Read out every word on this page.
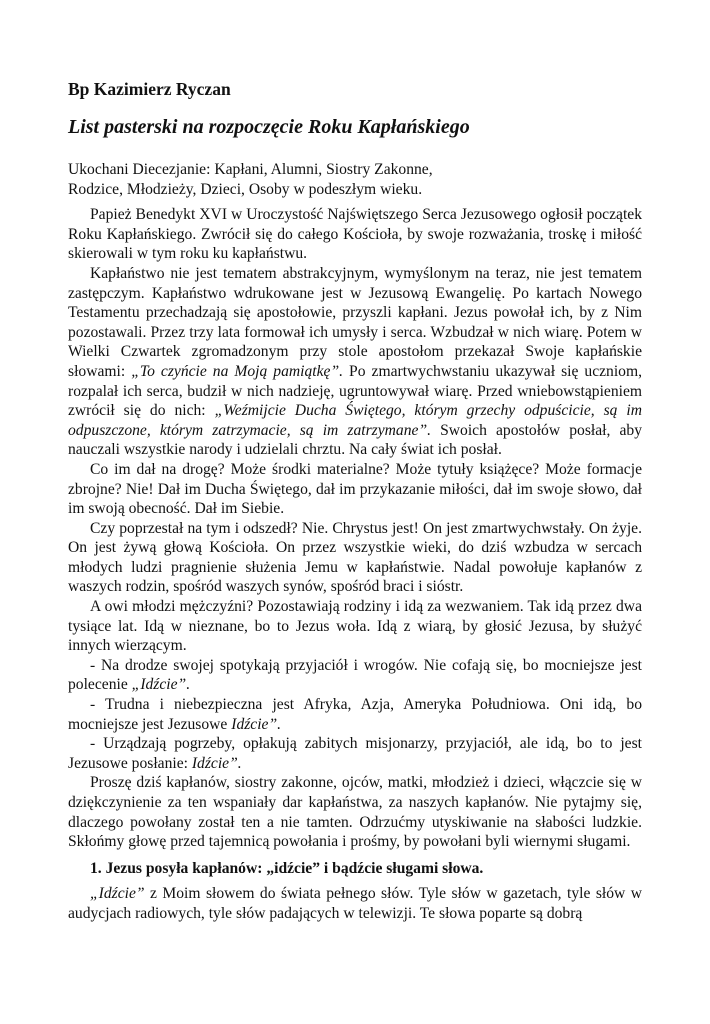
Bp Kazimierz Ryczan
List pasterski na rozpoczęcie Roku Kapłańskiego

Ukochani Diecezjanie: Kapłani, Alumni, Siostry Zakonne,

Rodzice, Młodzieży, Dzieci, Osoby w podeszłym wieku.

Papież Benedykt XVI w Uroczystość Najświętszego Serca Jezusowego ogłosił początek Roku Kapłańskiego. Zwrócił się do całego Kościoła, by swoje rozważania, troskę i miłość skierowali w tym roku ku kapłaństwu.

Kapłaństwo nie jest tematem abstrakcyjnym, wymyślonym na teraz, nie jest tematem zastępczym. Kapłaństwo wdrukowane jest w Jezusową Ewangelię. Po kartach Nowego Testamentu przechadzają się apostołowie, przyszli kapłani. Jezus powołał ich, by z Nim pozostawali. Przez trzy lata formował ich umysły i serca. Wzbudzał w nich wiarę. Potem w Wielki Czwartek zgromadzonym przy stole apostołom przekazał Swoje kapłańskie słowami: „To czyńcie na Moją pamiątkę”. Po zmartwychwstaniu ukazywał się uczniom, rozpalał ich serca, budził w nich nadzieję, ugruntowywał wiarę. Przed wniebowstąpieniem zwrócił się do nich: „Weźmijcie Ducha Świętego, którym grzechy odpuścicie, są im odpuszczone, którym zatrzymacie, są im zatrzymane”. Swoich apostołów posłał, aby nauczali wszystkie narody i udzielali chrztu. Na cały świat ich posłał.

Co im dał na drogę? Może środki materialne? Może tytuły książęce? Może formacje zbrojne? Nie! Dał im Ducha Świętego, dał im przykazanie miłości, dał im swoje słowo, dał im swoją obecność. Dał im Siebie.

Czy poprzestał na tym i odszedł? Nie. Chrystus jest! On jest zmartwychwstały. On żyje. On jest żywą głową Kościoła. On przez wszystkie wieki, do dziś wzbudza w sercach młodych ludzi pragnienie służenia Jemu w kapłaństwie. Nadal powołuje kapłanów z waszych rodzin, spośród waszych synów, spośród braci i sióstr.

A owi młodzi mężczyźni? Pozostawiają rodziny i idą za wezwaniem. Tak idą przez dwa tysiące lat. Idą w nieznane, bo to Jezus woła. Idą z wiarą, by głosić Jezusa, by służyć innych wierzącym.

- Na drodze swojej spotykają przyjaciół i wrogów. Nie cofają się, bo mocniejsze jest polecenie „Idźcie”.

- Trudna i niebezpieczna jest Afryka, Azja, Ameryka Południowa. Oni idą, bo mocniejsze jest Jezusowe Idźcie”.

- Urządzają pogrzeby, opłakują zabitych misjonarzy, przyjaciół, ale idą, bo to jest Jezusowe posłanie: Idźcie”.

Proszę dziś kapłanów, siostry zakonne, ojców, matki, młodzież i dzieci, włączcie się w dziękczynienie za ten wspaniały dar kapłaństwa, za naszych kapłanów. Nie pytajmy się, dlaczego powołany został ten a nie tamten. Odrzućmy utyskiwanie na słabości ludzkie. Skłońmy głowę przed tajemnicą powołania i prośmy, by powołani byli wiernymi sługami.

1. Jezus posyła kapłanów: „idźcie” i bądźcie sługami słowa.

„Idźcie” z Moim słowem do świata pełnego słów. Tyle słów w gazetach, tyle słów w audycjach radiowych, tyle słów padających w telewizji. Te słowa poparte są dobrą
